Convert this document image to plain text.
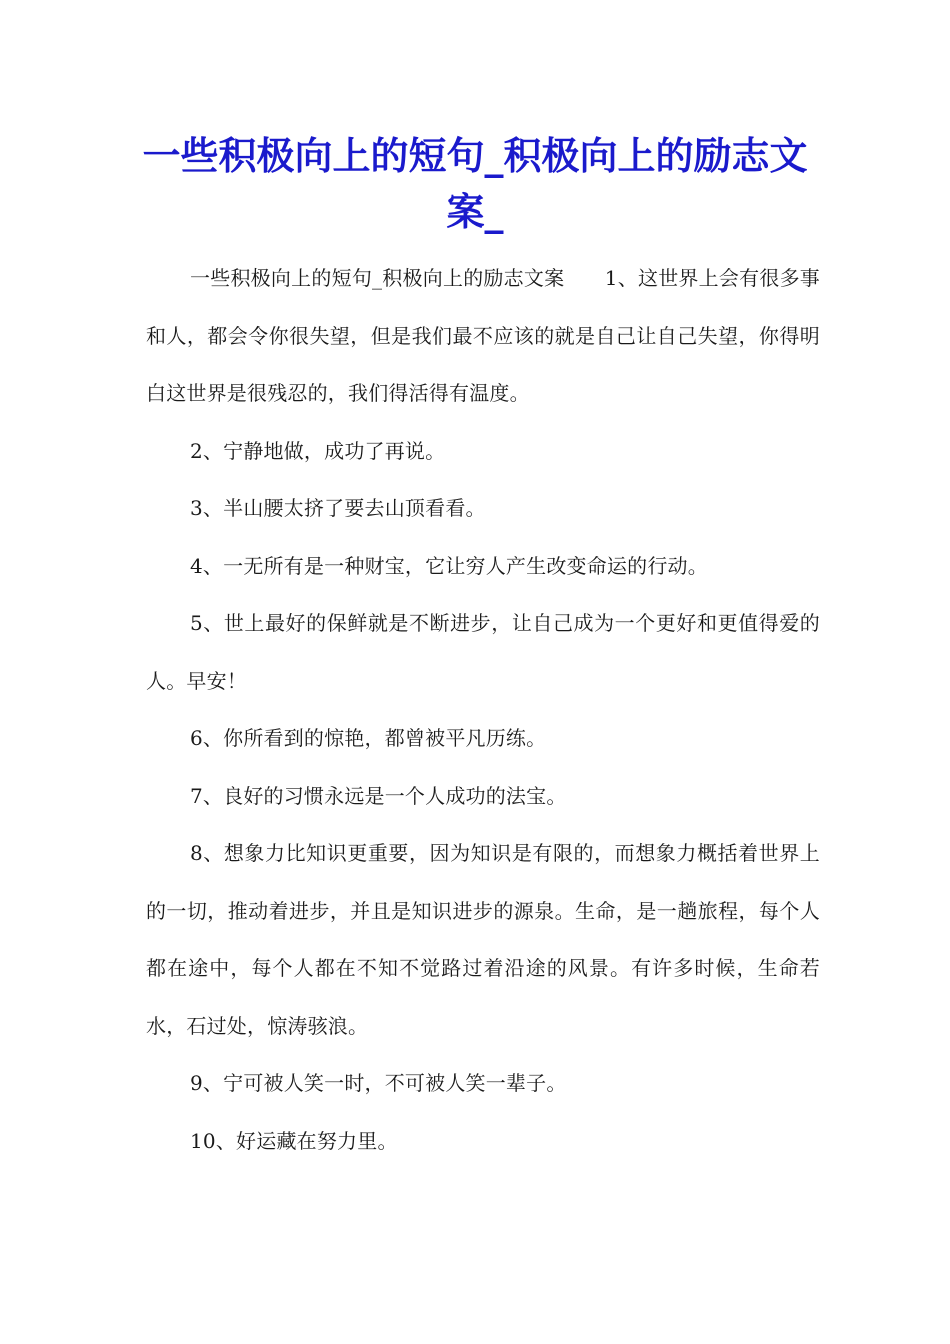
一些积极向上的短句_积极向上的励志文案_

一些积极向上的短句_积极向上的励志文案　　1、这世界上会有很多事和人，都会令你很失望，但是我们最不应该的就是自己让自己失望，你得明白这世界是很残忍的，我们得活得有温度。

2、宁静地做，成功了再说。

3、半山腰太挤了要去山顶看看。

4、一无所有是一种财宝，它让穷人产生改变命运的行动。

5、世上最好的保鲜就是不断进步，让自己成为一个更好和更值得爱的人。早安！

6、你所看到的惊艳，都曾被平凡历练。

7、良好的习惯永远是一个人成功的法宝。

8、想象力比知识更重要，因为知识是有限的，而想象力概括着世界上的一切，推动着进步，并且是知识进步的源泉。生命，是一趟旅程，每个人都在途中，每个人都在不知不觉路过着沿途的风景。有许多时候，生命若水，石过处，惊涛骇浪。

9、宁可被人笑一时，不可被人笑一辈子。

10、好运藏在努力里。
